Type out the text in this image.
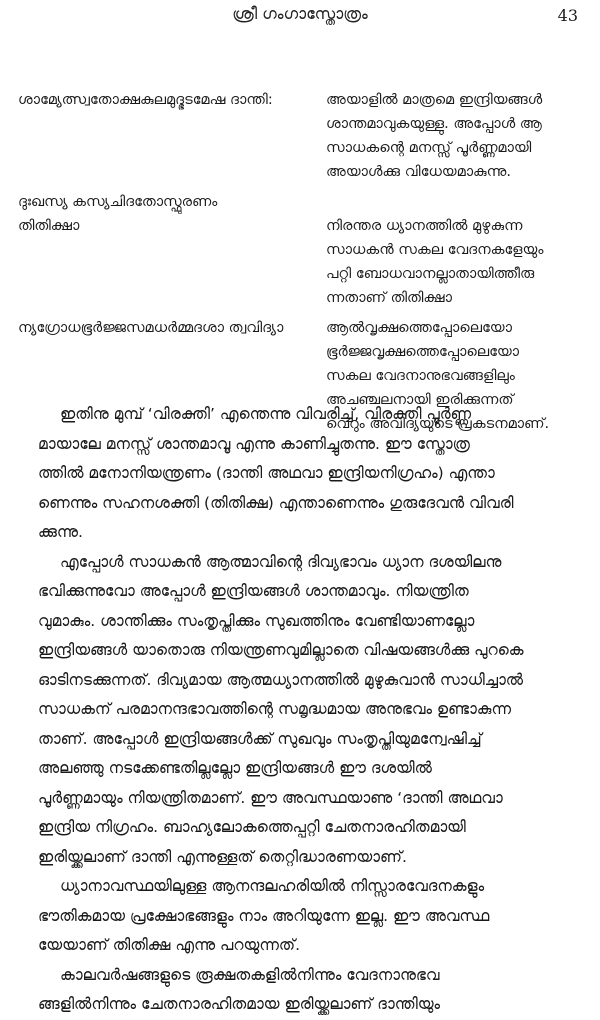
ശ്രീ ഗംഗാസ്തോത്രം	43
ശാമ്യേത്സ്വതോക്ഷകുലമുദ്ഭടമേഷ ദാന്തി:	അയാളിൽ മാത്രമെ ഇന്ദ്രിയങ്ങൾ
ശാന്തമാവുകയുള്ളു. അപ്പോൾ ആ
സാധകന്റെ മനസ്സ് പൂർണ്ണമായി
അയാൾക്കു വിധേയമാകുന്നു.
ദുഃഖസ്യ കസ്യചിദതോസ്ഫുരണം
തിതിക്ഷാ
	നിരന്തര ധ്യാനത്തിൽ മുഴുകുന്ന
സാധകൻ സകല വേദനകളേയും
പറ്റി ബോധവാനല്ലാതായിത്തീരു
ന്നതാണ് തിതിക്ഷാ
ന്യഗ്രോധഭൂർജ്ജസമധർമ്മദശാ ത്വവിദ്യാ	ആൽവൃക്ഷത്തെപ്പോലെയോ
ഭൂർജ്ജവൃക്ഷത്തെപ്പോലെയോ
സകല വേദനാനുഭവങ്ങളിലും
അചഞ്ചലനായി ഇരിക്കുന്നത്
വെറും അവിദ്യയുടെ പ്രകടനമാണ്.
ഇതിനു മുമ്പ് ‘വിരക്തി’ എന്തെന്നു വിവരിച്ച്, വിരക്തി പൂർണ്ണ
മായാലേ മനസ്സ് ശാന്തമാവൂ എന്നു കാണിച്ചുതന്നു. ഈ സ്തോത്ര
ത്തിൽ മനോനിയന്ത്രണം (ദാന്തി അഥവാ ഇന്ദ്രിയനിഗ്രഹം) എന്താ
ണെന്നും സഹനശക്തി (തിതിക്ഷ) എന്താണെന്നും ഗുരുദേവൻ വിവരി
ക്കുന്നു.
എപ്പോൾ സാധകൻ ആത്മാവിന്റെ ദിവ്യഭാവം ധ്യാന ദശയിലനു
ഭവിക്കുന്നുവോ അപ്പോൾ ഇന്ദ്രിയങ്ങൾ ശാന്തമാവും. നിയന്ത്രിത
വുമാകും. ശാന്തിക്കും സംതൃപ്തിക്കും സുഖത്തിനും വേണ്ടിയാണല്ലോ
ഇന്ദ്രിയങ്ങൾ യാതൊരു നിയന്ത്രണവുമില്ലാതെ വിഷയങ്ങൾക്കു പുറകെ
ഓടിനടക്കുന്നത്. ദിവ്യമായ ആത്മധ്യാനത്തിൽ മുഴുകുവാൻ സാധിച്ചാൽ
സാധകന് പരമാനന്ദഭാവത്തിന്റെ സമൃദ്ധമായ അനുഭവം ഉണ്ടാകുന്ന
താണ്. അപ്പോൾ ഇന്ദ്രിയങ്ങൾക്ക് സുഖവും സംതൃപ്തിയുമന്വേഷിച്ച്
അലഞ്ഞു നടക്കേണ്ടതില്ലല്ലോ ഇന്ദ്രിയങ്ങൾ ഈ ദശയിൽ
പൂർണ്ണമായും നിയന്ത്രിതമാണ്. ഈ അവസ്ഥയാണു ‘ദാന്തി അഥവാ
ഇന്ദ്രിയ നിഗ്രഹം. ബാഹ്യലോകത്തെപ്പറ്റി ചേതനാരഹിതമായി
ഇരിയ്ക്കലാണ് ദാന്തി എന്നുള്ളത് തെറ്റിദ്ധാരണയാണ്.
ധ്യാനാവസ്ഥയിലുള്ള ആനന്ദലഹരിയിൽ നിസ്സാരവേദനകളും
ഭൗതികമായ പ്രക്ഷോഭങ്ങളും നാം അറിയുന്നേ ഇല്ല. ഈ അവസ്ഥ
യേയാണ് തിതിക്ഷ എന്നു പറയുന്നത്.
കാലവർഷങ്ങളുടെ രൂക്ഷതകളിൽനിന്നും വേദനാനുഭവ
ങ്ങളിൽനിന്നും ചേതനാരഹിതമായ ഇരിയ്ക്കലാണ് ദാന്തിയും
